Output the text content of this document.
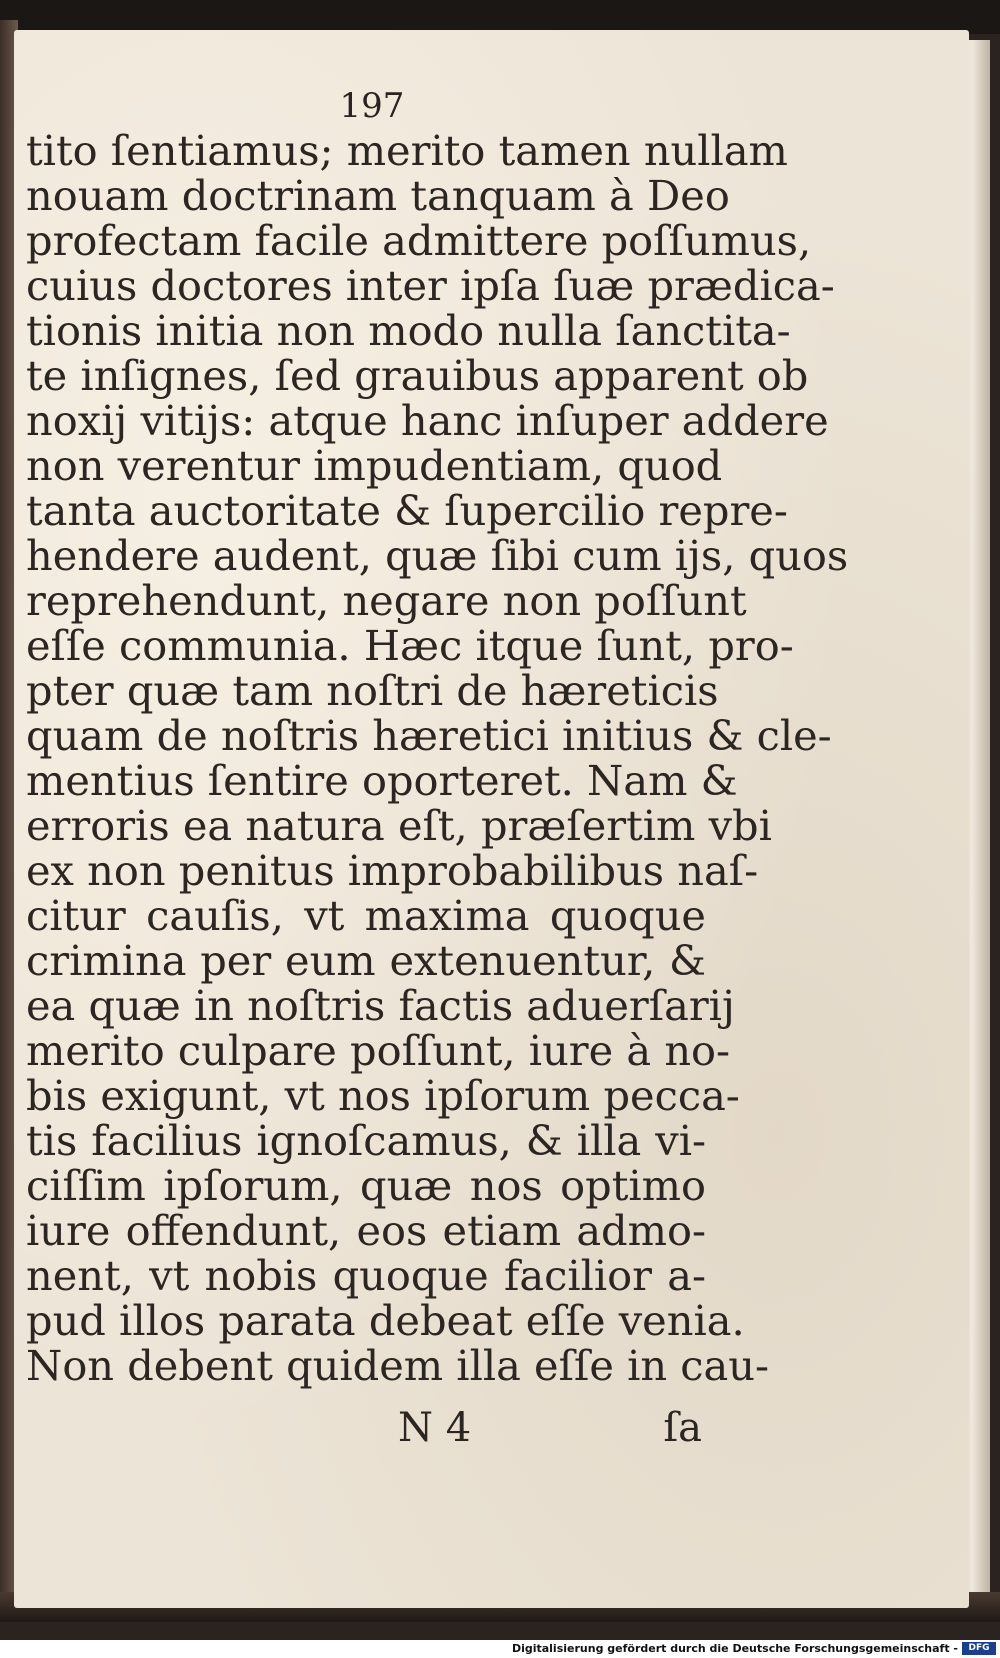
197
tito ſentiamus; merito tamen nullam
nouam doctrinam tanquam à Deo
profectam facile admittere poſſumus,
cuius doctores inter ipſa ſuæ prædica-
tionis initia non modo nulla ſanctita-
te inſignes, ſed grauibus apparent ob
noxij vitijs: atque hanc inſuper addere
non verentur impudentiam, quod
tanta auctoritate & ſupercilio repre-
hendere audent, quæ ſibi cum ijs, quos
reprehendunt, negare non poſſunt
eſſe communia. Hæc itque ſunt, pro-
pter quæ tam noſtri de hæreticis
quam de noſtris hæretici initius & cle-
mentius ſentire oporteret. Nam &
erroris ea natura eſt, præſertim vbi
ex non penitus improbabilibus naſ-
citur cauſis, vt maxima quoque
crimina per eum extenuentur, &
ea quæ in noſtris factis aduerſarij
merito culpare poſſunt, iure à no-
bis exigunt, vt nos ipſorum pecca-
tis facilius ignoſcamus, & illa vi-
ciſſim ipſorum, quæ nos optimo
iure offendunt, eos etiam admo-
nent, vt nobis quoque facilior a-
pud illos parata debeat eſſe venia.
Non debent quidem illa eſſe in cau-
N 4	ſa
Digitalisierung gefördert durch die Deutsche Forschungsgemeinschaft -	DFG
